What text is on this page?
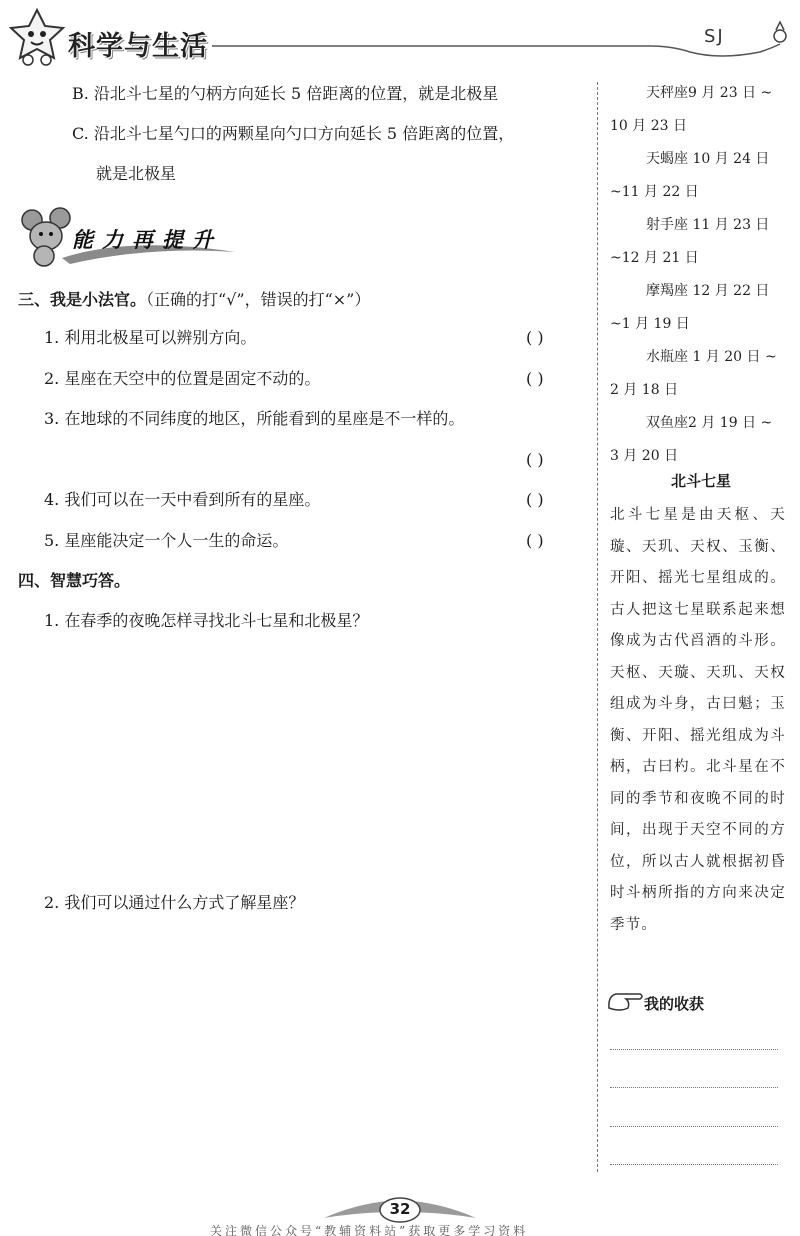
科学与生活	SJ
B. 沿北斗七星的勺柄方向延长 5 倍距离的位置，就是北极星
C. 沿北斗七星勺口的两颗星向勺口方向延长 5 倍距离的位置，
就是北极星
能力再提升
三、我是小法官。（正确的打“√”，错误的打“×”）
1. 利用北极星可以辨别方向。	( )
2. 星座在天空中的位置是固定不动的。	( )
3. 在地球的不同纬度的地区，所能看到的星座是不一样的。
( )
4. 我们可以在一天中看到所有的星座。	( )
5. 星座能决定一个人一生的命运。	( )
四、智慧巧答。
1. 在春季的夜晚怎样寻找北斗七星和北极星？
2. 我们可以通过什么方式了解星座？
天秤座9 月 23 日 ~
10 月 23 日
天蝎座 10 月 24 日
~11 月 22 日
射手座 11 月 23 日
~12 月 21 日
摩羯座 12 月 22 日
~1 月 19 日
水瓶座 1 月 20 日 ~
2 月 18 日
双鱼座2 月 19 日 ~
3 月 20 日
北斗七星
北斗七星是由天枢、天璇、天玑、天权、玉衡、开阳、摇光七星组成的。古人把这七星联系起来想像成为古代舀酒的斗形。天枢、天璇、天玑、天权组成为斗身，古曰魁；玉衡、开阳、摇光组成为斗柄，古曰杓。北斗星在不同的季节和夜晚不同的时间，出现于天空不同的方位，所以古人就根据初昏时斗柄所指的方向来决定季节。
我的收获
32
关注微信公众号“教辅资料站”获取更多学习资料
